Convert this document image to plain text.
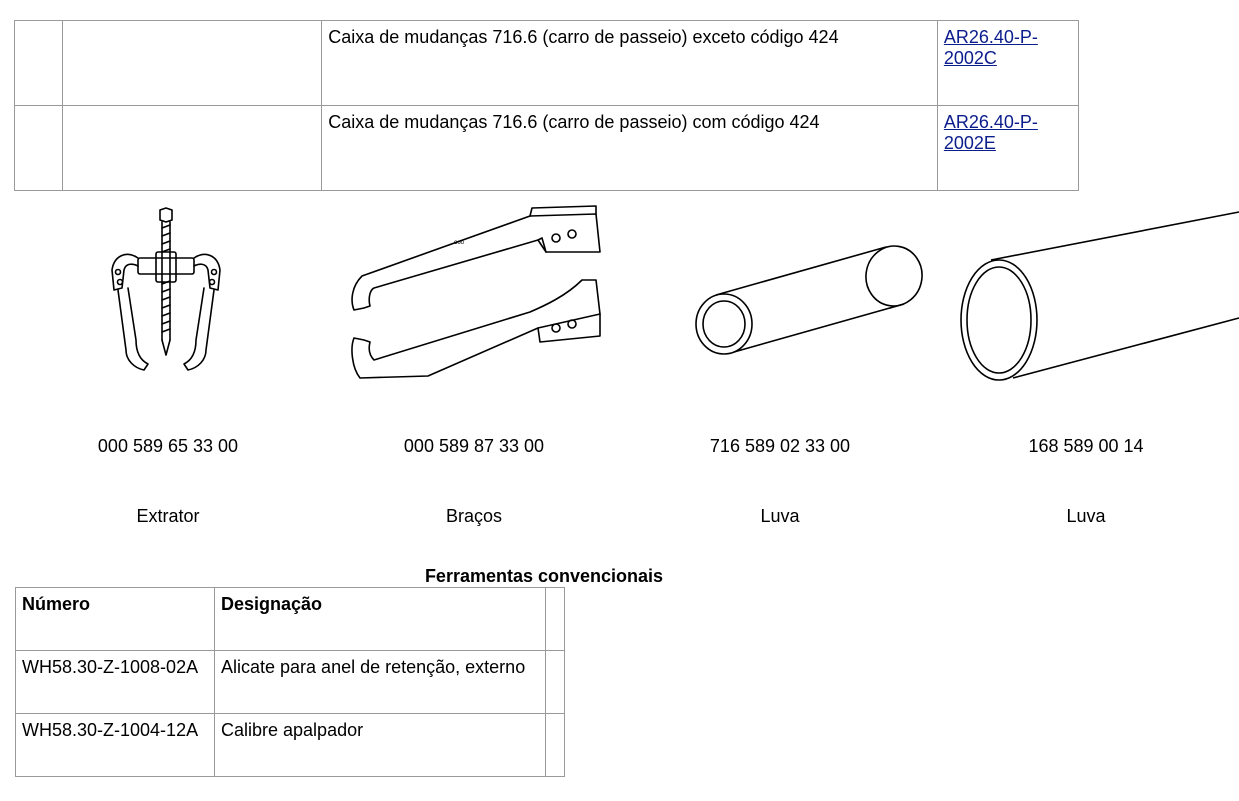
		Caixa de mudanças 716.6 (carro de passeio) exceto código 424	AR26.40-P-2002C
		Caixa de mudanças 716.6 (carro de passeio) com código 424	AR26.40-P-2002E
000 589 65 33 00
Extrator
ooo
000 589 87 33 00
Braços
716 589 02 33 00
Luva
168 589 00 14
Luva
Ferramentas convencionais
Número	Designação	
WH58.30-Z-1008-02A	Alicate para anel de retenção, externo	
WH58.30-Z-1004-12A	Calibre apalpador	
